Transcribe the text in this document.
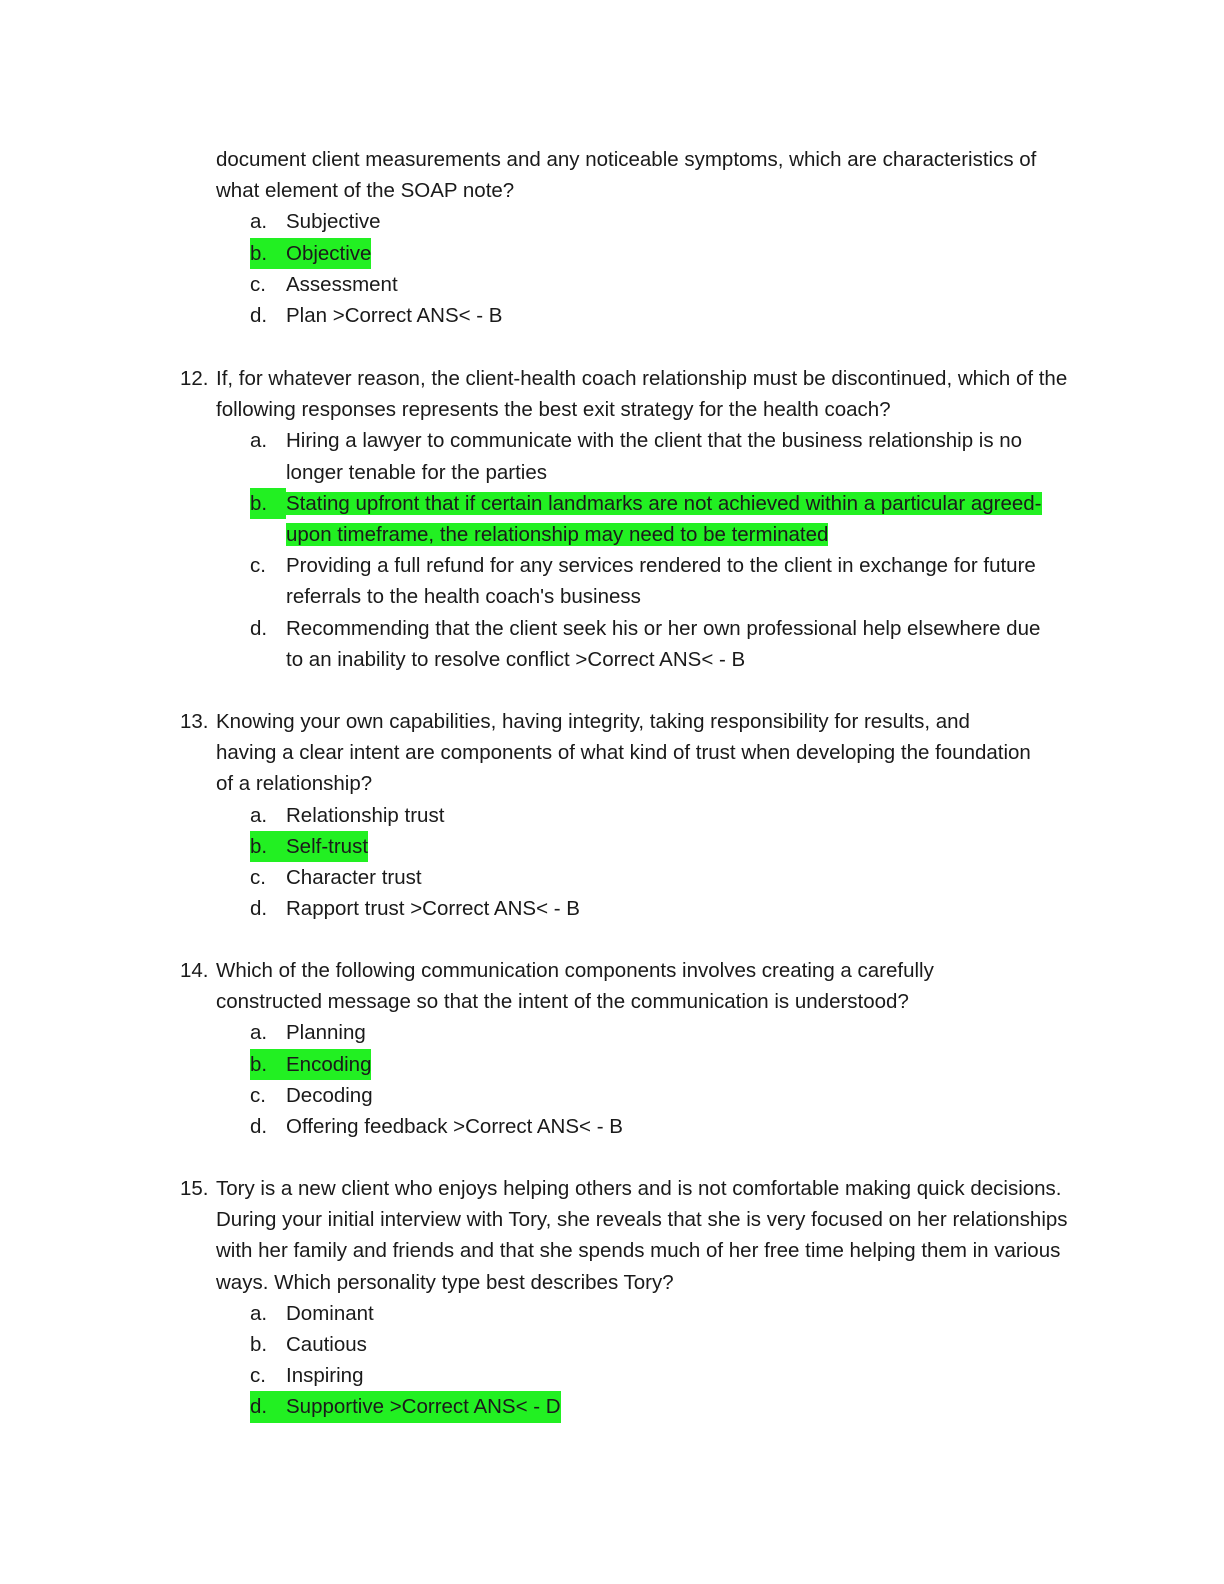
document client measurements and any noticeable symptoms, which are characteristics of what element of the SOAP note?
a. Subjective
b. Objective
c. Assessment
d. Plan >Correct ANS< - B
12. If, for whatever reason, the client-health coach relationship must be discontinued, which of the following responses represents the best exit strategy for the health coach?
a. Hiring a lawyer to communicate with the client that the business relationship is no longer tenable for the parties
b. Stating upfront that if certain landmarks are not achieved within a particular agreed-upon timeframe, the relationship may need to be terminated
c. Providing a full refund for any services rendered to the client in exchange for future referrals to the health coach's business
d. Recommending that the client seek his or her own professional help elsewhere due to an inability to resolve conflict >Correct ANS< - B
13. Knowing your own capabilities, having integrity, taking responsibility for results, and having a clear intent are components of what kind of trust when developing the foundation of a relationship?
a. Relationship trust
b. Self-trust
c. Character trust
d. Rapport trust >Correct ANS< - B
14. Which of the following communication components involves creating a carefully constructed message so that the intent of the communication is understood?
a. Planning
b. Encoding
c. Decoding
d. Offering feedback >Correct ANS< - B
15. Tory is a new client who enjoys helping others and is not comfortable making quick decisions. During your initial interview with Tory, she reveals that she is very focused on her relationships with her family and friends and that she spends much of her free time helping them in various ways. Which personality type best describes Tory?
a. Dominant
b. Cautious
c. Inspiring
d. Supportive >Correct ANS< - D
